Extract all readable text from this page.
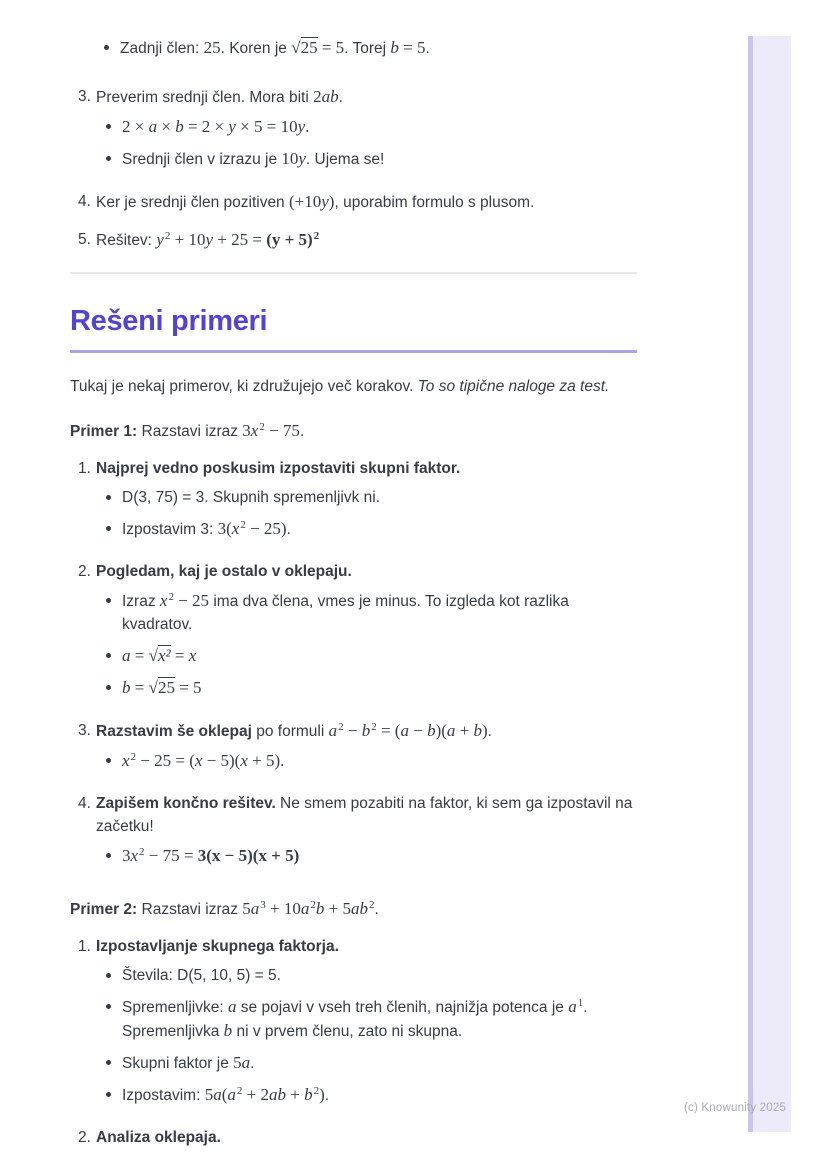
Zadnji člen: 25. Koren je √25 = 5. Torej b = 5.
3. Preverim srednji člen. Mora biti 2ab.
2 × a × b = 2 × y × 5 = 10y.
Srednji člen v izrazu je 10y. Ujema se!
4. Ker je srednji člen pozitiven (+10y), uporabim formulo s plusom.
5. Rešitev: y2 + 10y + 25 = (y + 5)2
Rešeni primeri

Tukaj je nekaj primerov, ki združujejo več korakov. To so tipične naloge za test.

Primer 1: Razstavi izraz 3x2 − 75.

1. Najprej vedno poskusim izpostaviti skupni faktor.
D(3, 75) = 3. Skupnih spremenljivk ni.
Izpostavim 3: 3(x2 − 25).
2. Pogledam, kaj je ostalo v oklepaju.
Izraz x2 − 25 ima dva člena, vmes je minus. To izgleda kot razlika kvadratov.
a = √x² = x
b = √25 = 5
3. Razstavim še oklepaj po formuli a2 − b2 = (a − b)(a + b).
x2 − 25 = (x − 5)(x + 5).
4. Zapišem končno rešitev. Ne smem pozabiti na faktor, ki sem ga izpostavil na začetku!
3x2 − 75 = 3(x − 5)(x + 5)

Primer 2: Razstavi izraz 5a3 + 10a2b + 5ab2.

1. Izpostavljanje skupnega faktorja.
Števila: D(5, 10, 5) = 5.
Spremenljivke: a se pojavi v vseh treh členih, najnižja potenca je a1. Spremenljivka b ni v prvem členu, zato ni skupna.
Skupni faktor je 5a.
Izpostavim: 5a(a2 + 2ab + b2).
2. Analiza oklepaja.
(c) Knowunity 2025
